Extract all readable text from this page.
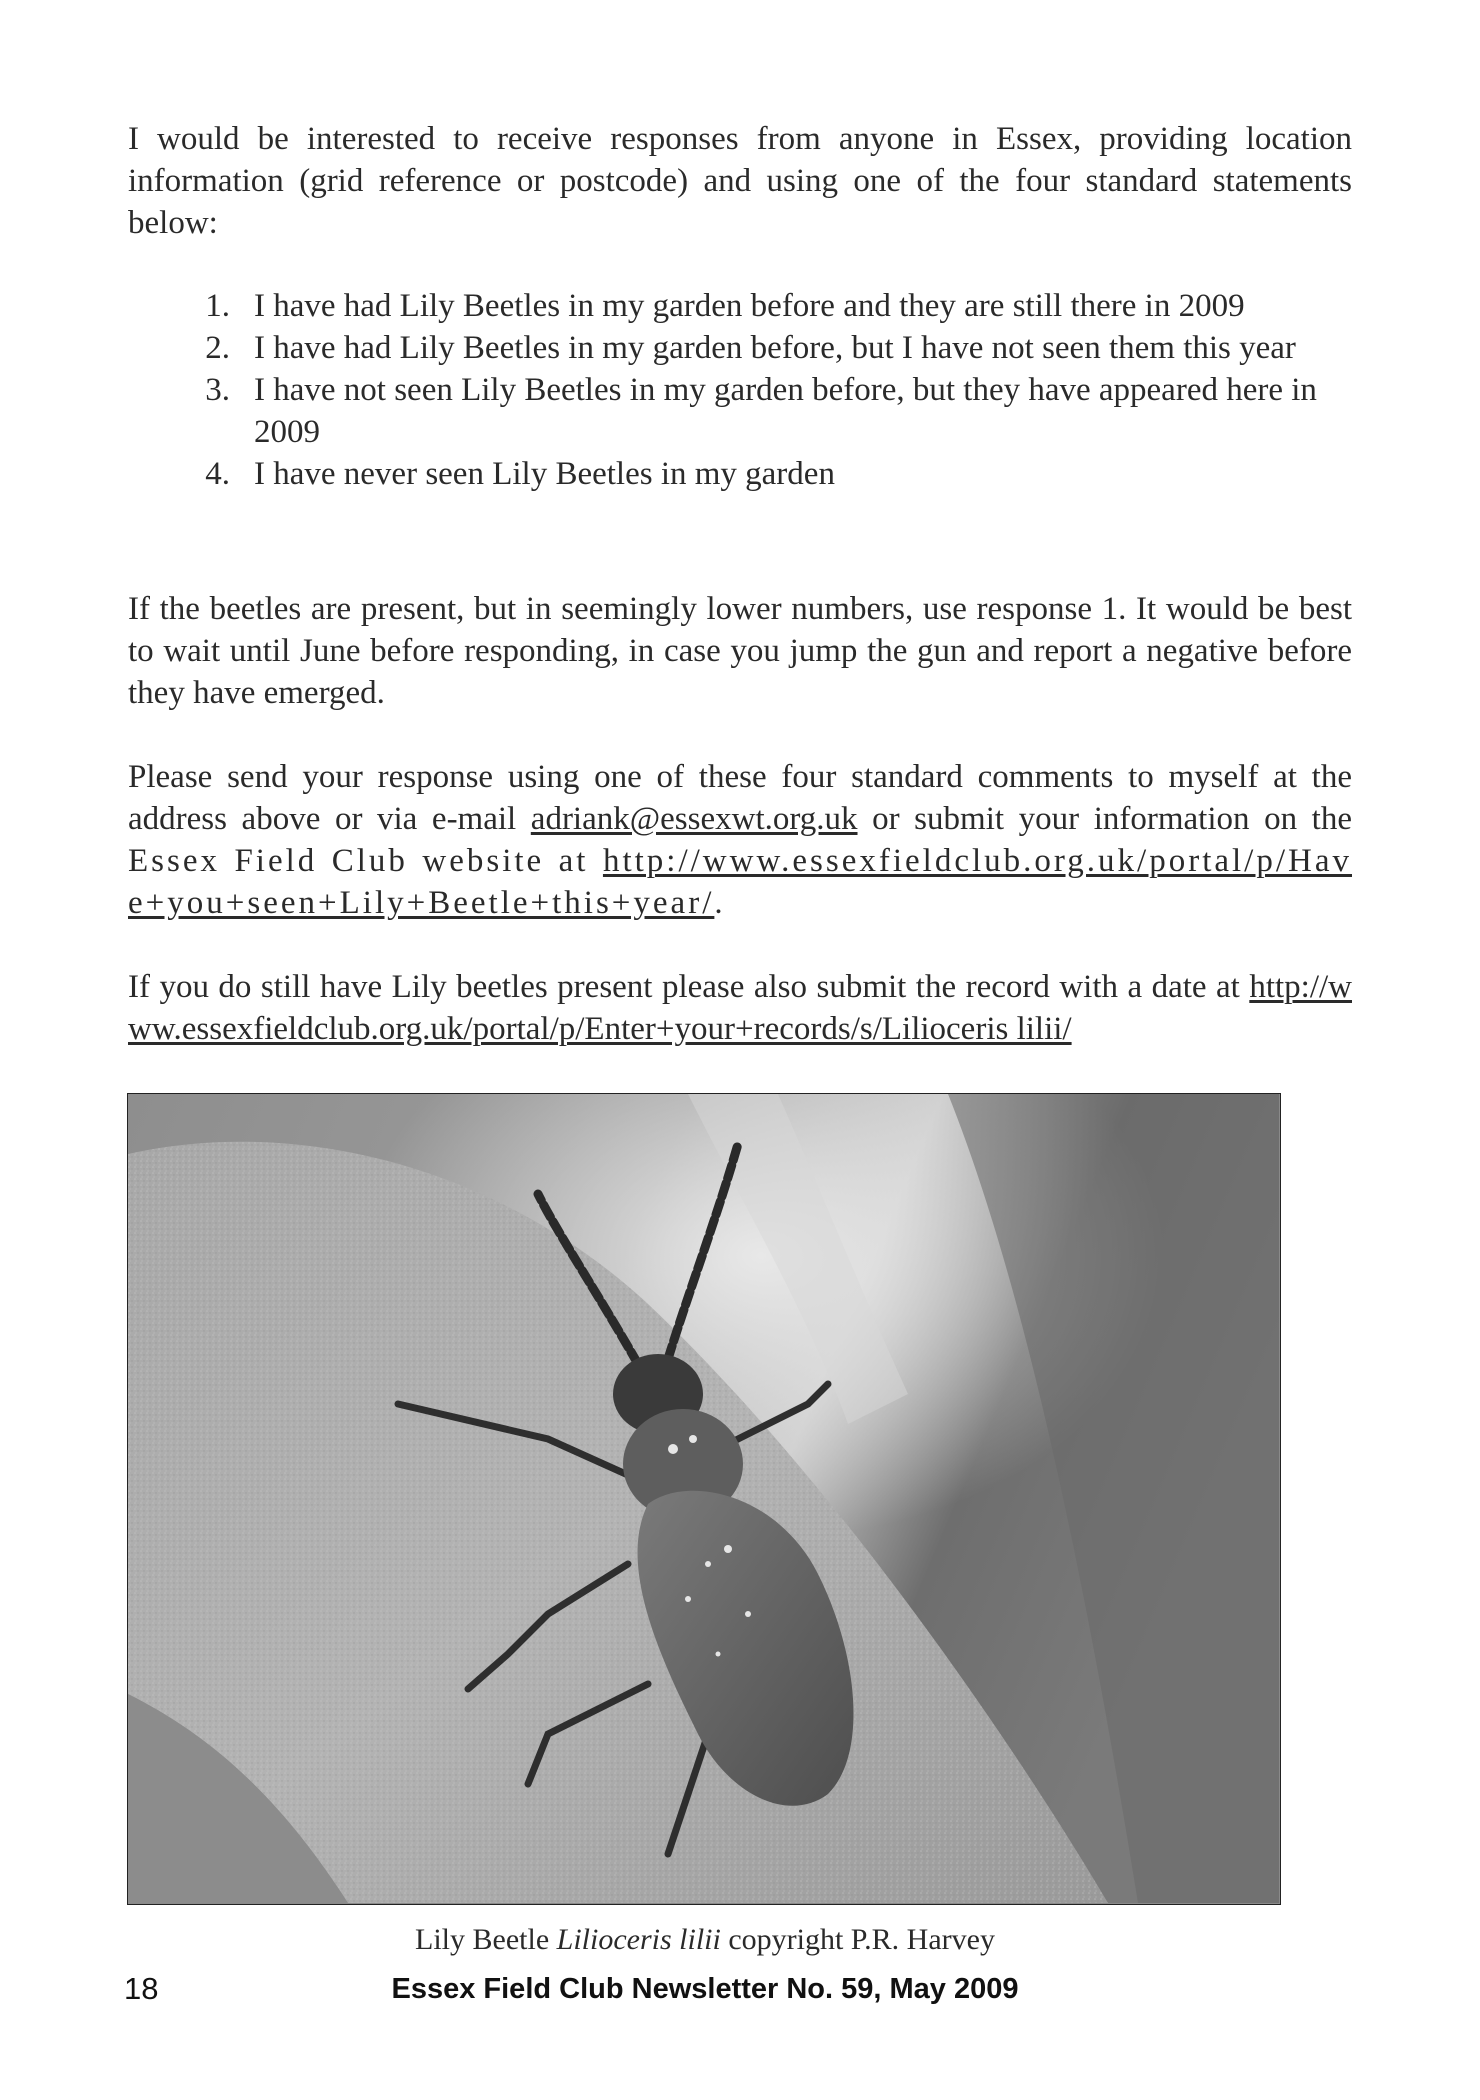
I would be interested to receive responses from anyone in Essex, providing location information (grid reference or postcode) and using one of the four standard statements below:

1. I have had Lily Beetles in my garden before and they are still there in 2009
2. I have had Lily Beetles in my garden before, but I have not seen them this year
3. I have not seen Lily Beetles in my garden before, but they have appeared here in 2009
4. I have never seen Lily Beetles in my garden

If the beetles are present, but in seemingly lower numbers, use response 1. It would be best to wait until June before responding, in case you jump the gun and report a negative before they have emerged.

Please send your response using one of these four standard comments to myself at the address above or via e-mail adriank@essexwt.org.uk or submit your information on the Essex Field Club website at http://www.essexfieldclub.org.uk/portal/p/Have+you+seen+Lily+Beetle+this+year/.

If you do still have Lily beetles present please also submit the record with a date at http://www.essexfieldclub.org.uk/portal/p/Enter+your+records/s/Lilioceris lilii/

Lily Beetle Lilioceris lilii copyright P.R. Harvey
18	Essex Field Club Newsletter No. 59, May 2009
